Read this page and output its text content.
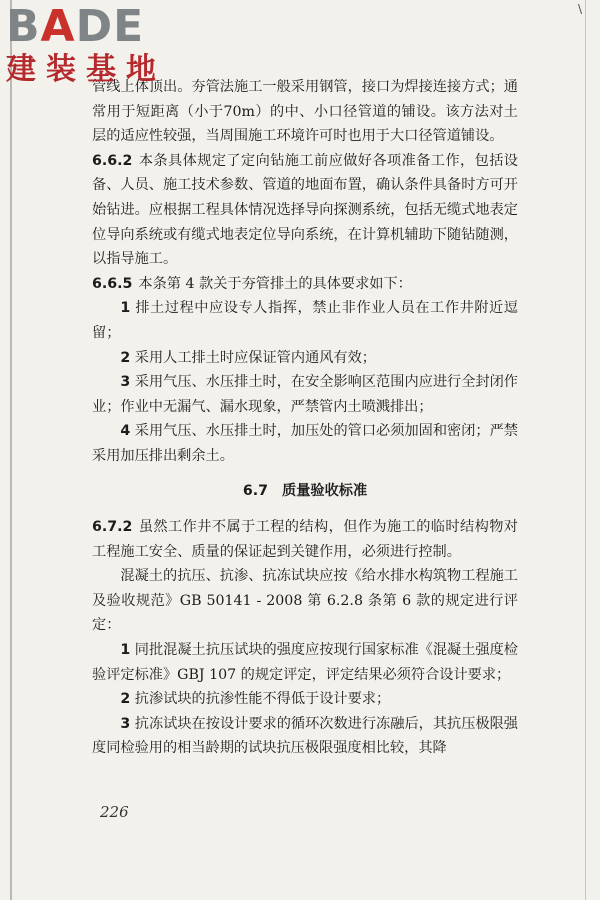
\
BADE
建装基地

管线上体顶出。夯管法施工一般采用钢管，接口为焊接连接方式；通常用于短距离（小于70m）的中、小口径管道的铺设。该方法对土层的适应性较强，当周围施工环境许可时也用于大口径管道铺设。

6.6.2 本条具体规定了定向钻施工前应做好各项准备工作，包括设备、人员、施工技术参数、管道的地面布置，确认条件具备时方可开始钻进。应根据工程具体情况选择导向探测系统，包括无缆式地表定位导向系统或有缆式地表定位导向系统，在计算机辅助下随钻随测，以指导施工。

6.6.5 本条第 4 款关于夯管排土的具体要求如下：

1 排土过程中应设专人指挥，禁止非作业人员在工作井附近逗留；

2 采用人工排土时应保证管内通风有效；

3 采用气压、水压排土时，在安全影响区范围内应进行全封闭作业；作业中无漏气、漏水现象，严禁管内土喷溅排出；

4 采用气压、水压排土时，加压处的管口必须加固和密闭；严禁采用加压排出剩余土。

6.7 质量验收标准

6.7.2 虽然工作井不属于工程的结构，但作为施工的临时结构物对工程施工安全、质量的保证起到关键作用，必须进行控制。

混凝土的抗压、抗渗、抗冻试块应按《给水排水构筑物工程施工及验收规范》GB 50141 - 2008 第 6.2.8 条第 6 款的规定进行评定：

1 同批混凝土抗压试块的强度应按现行国家标准《混凝土强度检验评定标准》GBJ 107 的规定评定，评定结果必须符合设计要求；

2 抗渗试块的抗渗性能不得低于设计要求；

3 抗冻试块在按设计要求的循环次数进行冻融后，其抗压极限强度同检验用的相当龄期的试块抗压极限强度相比较，其降

226
